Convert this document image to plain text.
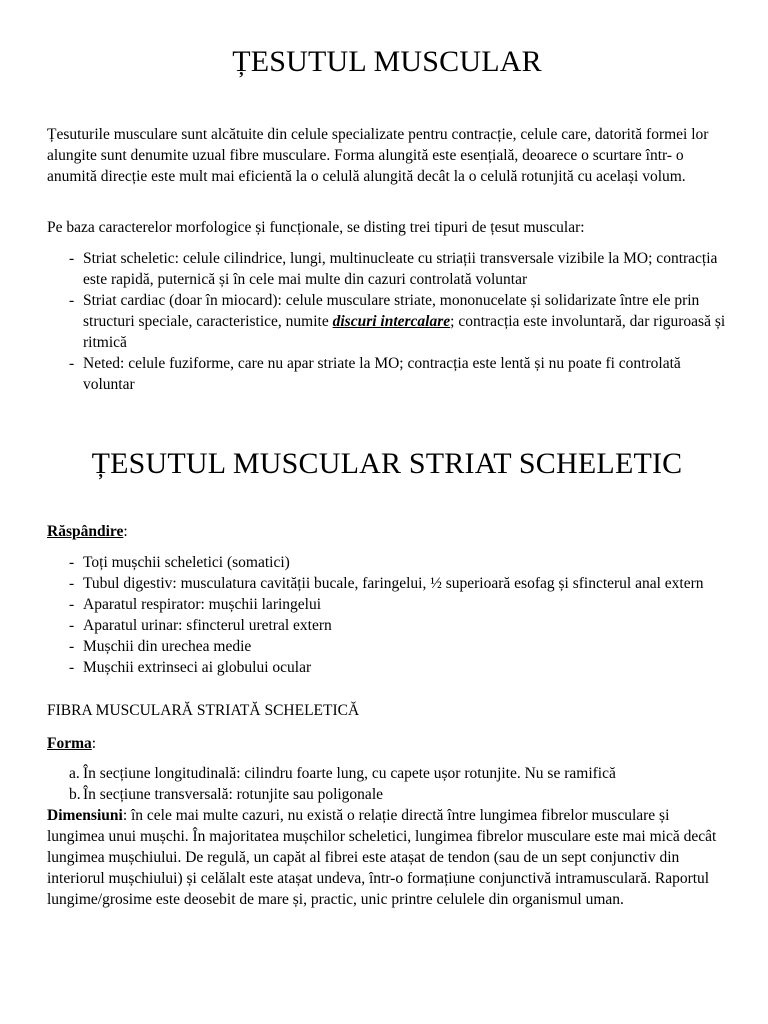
ȚESUTUL MUSCULAR

Țesuturile musculare sunt alcătuite din celule specializate pentru contracție, celule care, datorită formei lor alungite sunt denumite uzual fibre musculare. Forma alungită este esențială, deoarece o scurtare într- o anumită direcție este mult mai eficientă la o celulă alungită decât la o celulă rotunjită cu același volum.

Pe baza caracterelor morfologice și funcționale, se disting trei tipuri de țesut muscular:

- Striat scheletic: celule cilindrice, lungi, multinucleate cu striații transversale vizibile la MO; contracția este rapidă, puternică și în cele mai multe din cazuri controlată voluntar
- Striat cardiac (doar în miocard): celule musculare striate, mononucelate și solidarizate între ele prin structuri speciale, caracteristice, numite discuri intercalare; contracția este involuntară, dar riguroasă și ritmică
- Neted: celule fuziforme, care nu apar striate la MO; contracția este lentă și nu poate fi controlată voluntar
ȚESUTUL MUSCULAR STRIAT SCHELETIC

Răspândire:

- Toți mușchii scheletici (somatici)
- Tubul digestiv: musculatura cavității bucale, faringelui, ½ superioară esofag și sfincterul anal extern
- Aparatul respirator: mușchii laringelui
- Aparatul urinar: sfincterul uretral extern
- Mușchii din urechea medie
- Mușchii extrinseci ai globului ocular

FIBRA MUSCULARĂ STRIATĂ SCHELETICĂ

Forma:

a. În secțiune longitudinală: cilindru foarte lung, cu capete ușor rotunjite. Nu se ramifică
b. În secțiune transversală: rotunjite sau poligonale

Dimensiuni: în cele mai multe cazuri, nu există o relație directă între lungimea fibrelor musculare și lungimea unui mușchi. În majoritatea mușchilor scheletici, lungimea fibrelor musculare este mai mică decât lungimea mușchiului. De regulă, un capăt al fibrei este atașat de tendon (sau de un sept conjunctiv din interiorul mușchiului) și celălalt este atașat undeva, într-o formațiune conjunctivă intramusculară. Raportul lungime/grosime este deosebit de mare și, practic, unic printre celulele din organismul uman.
